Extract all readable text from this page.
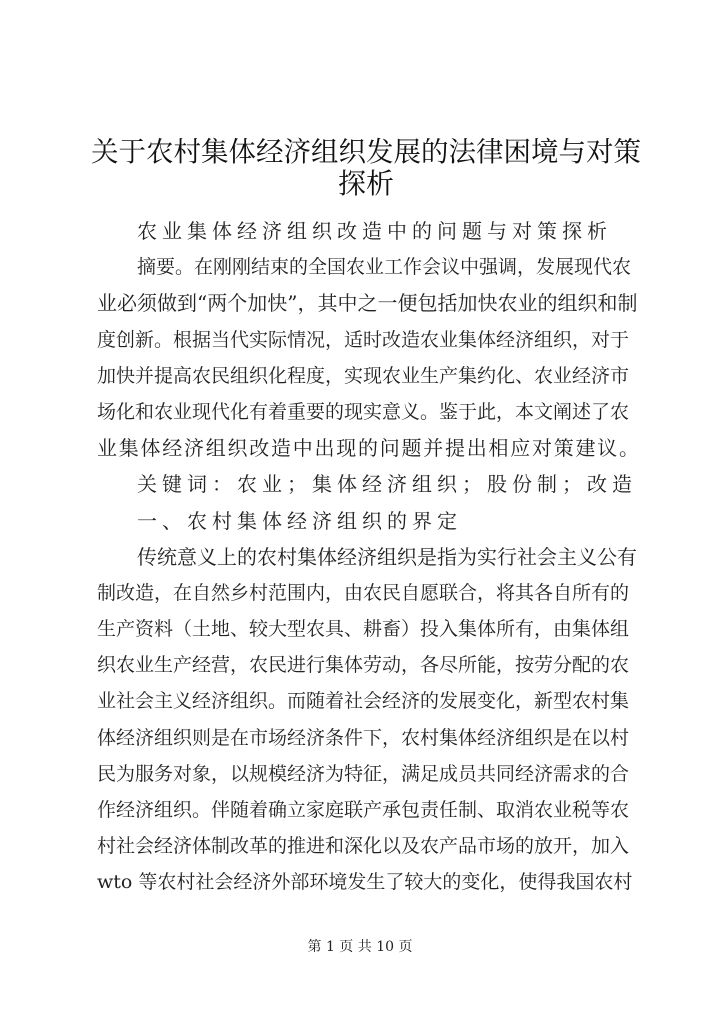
关于农村集体经济组织发展的法律困境与对策
探析
农业集体经济组织改造中的问题与对策探析
摘要。在刚刚结束的全国农业工作会议中强调，发展现代农
业必须做到“两个加快”，其中之一便包括加快农业的组织和制
度创新。根据当代实际情况，适时改造农业集体经济组织，对于
加快并提高农民组织化程度，实现农业生产集约化、农业经济市
场化和农业现代化有着重要的现实意义。鉴于此，本文阐述了农
业集体经济组织改造中出现的问题并提出相应对策建议。
关键词：农业；集体经济组织；股份制；改造
一、农村集体经济组织的界定
传统意义上的农村集体经济组织是指为实行社会主义公有
制改造，在自然乡村范围内，由农民自愿联合，将其各自所有的
生产资料（土地、较大型农具、耕畜）投入集体所有，由集体组
织农业生产经营，农民进行集体劳动，各尽所能，按劳分配的农
业社会主义经济组织。而随着社会经济的发展变化，新型农村集
体经济组织则是在市场经济条件下，农村集体经济组织是在以村
民为服务对象，以规模经济为特征，满足成员共同经济需求的合
作经济组织。伴随着确立家庭联产承包责任制、取消农业税等农
村社会经济体制改革的推进和深化以及农产品市场的放开，加入
wto 等农村社会经济外部环境发生了较大的变化，使得我国农村
第 1 页 共 10 页
